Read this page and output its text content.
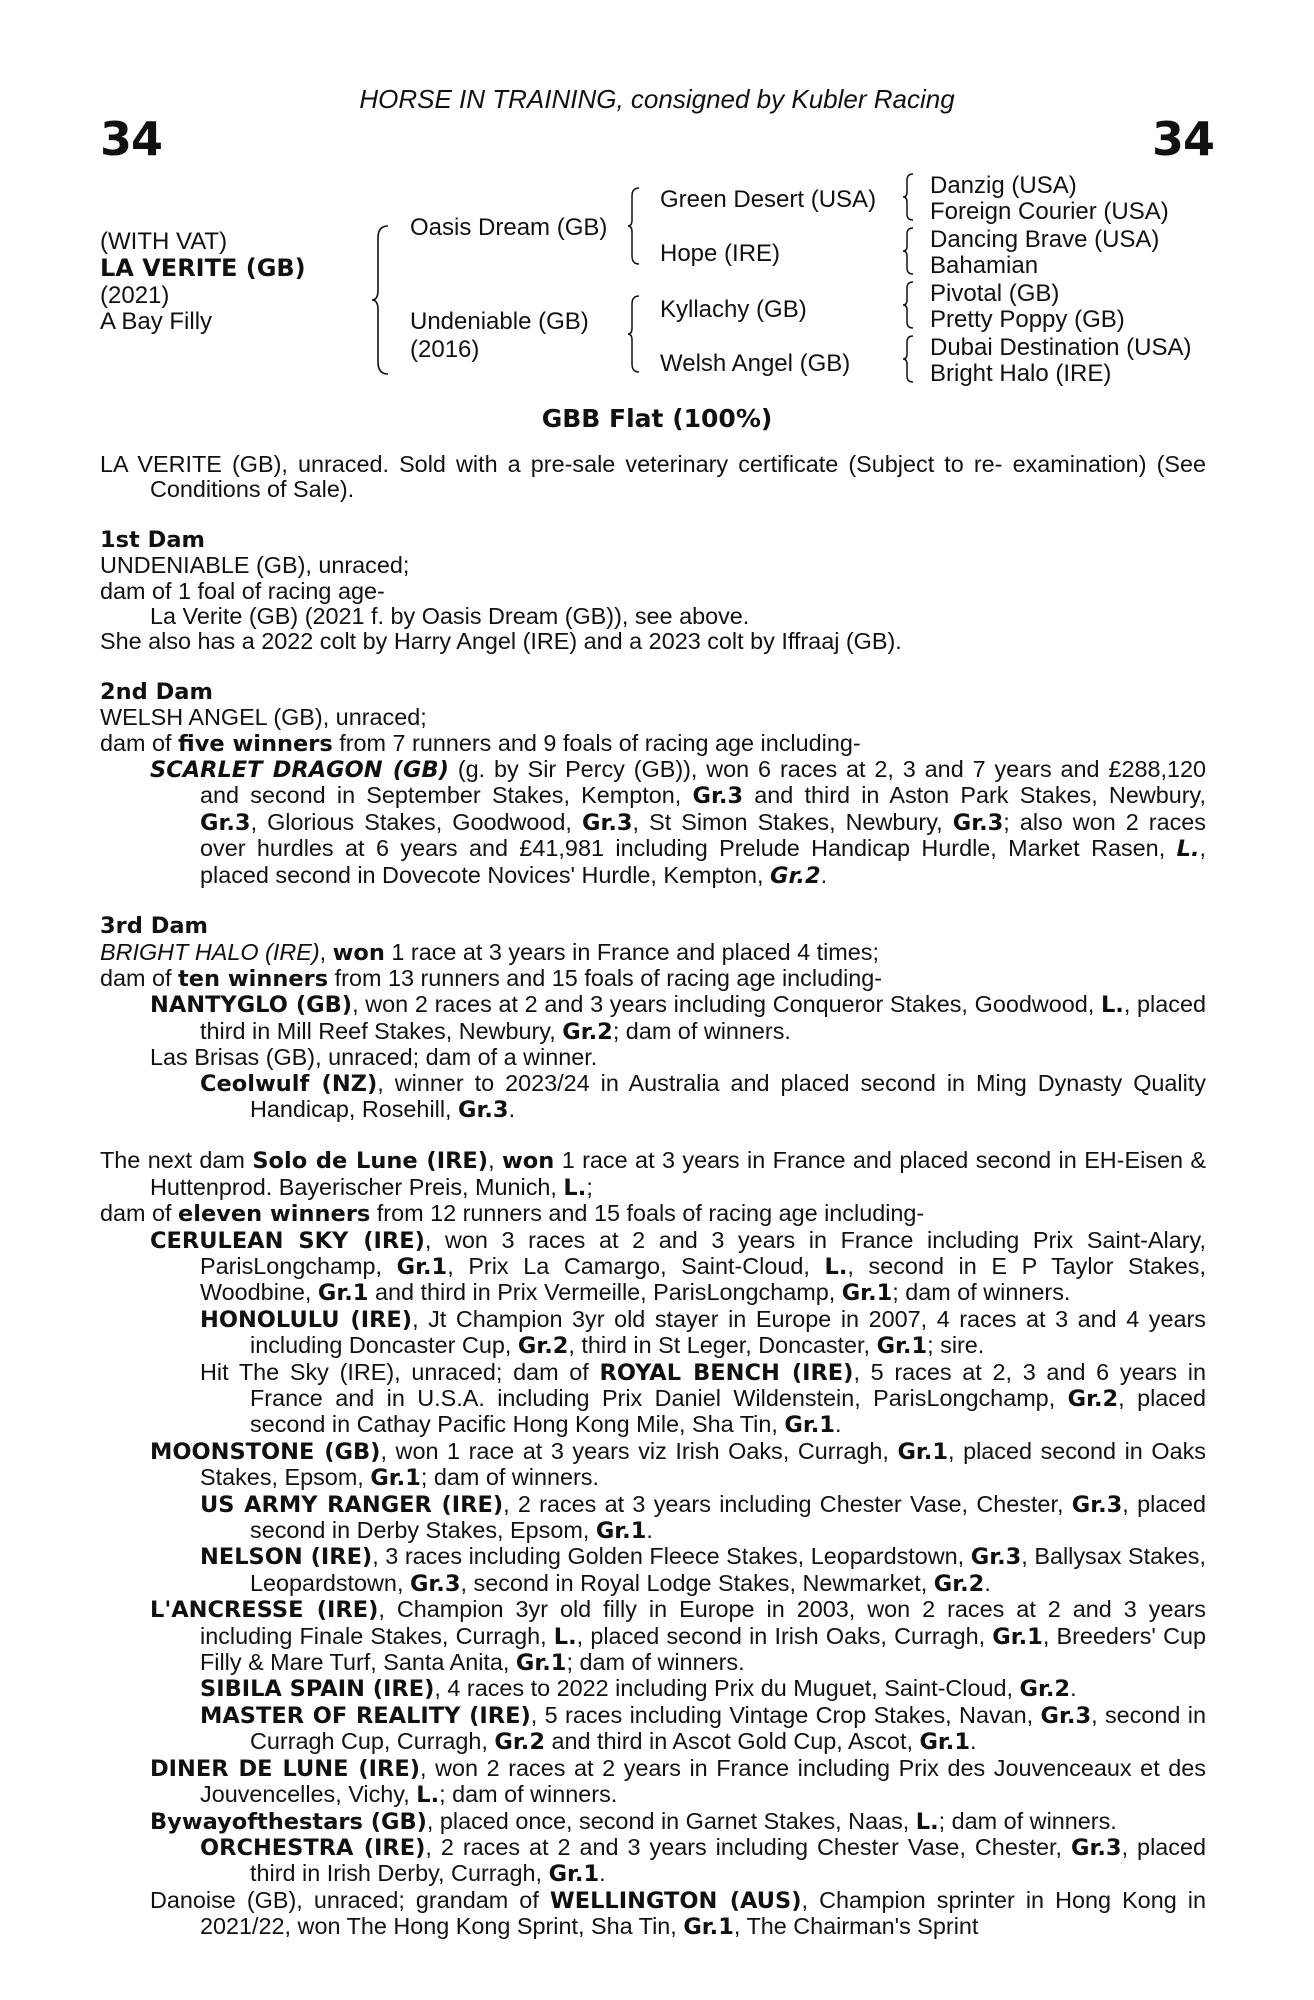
34	34
HORSE IN TRAINING, consigned by Kubler Racing
(WITH VAT)
LA VERITE (GB)
(2021)
A Bay Filly
Oasis Dream (GB)
Undeniable (GB)
(2016)
Green Desert (USA)
Hope (IRE)
Kyllachy (GB)
Welsh Angel (GB)
Danzig (USA)
Foreign Courier (USA)
Dancing Brave (USA)
Bahamian
Pivotal (GB)
Pretty Poppy (GB)
Dubai Destination (USA)
Bright Halo (IRE)
GBB Flat (100%)

LA VERITE (GB), unraced. Sold with a pre-sale veterinary certificate (Subject to re- examination) (See Conditions of Sale).

1st Dam

UNDENIABLE (GB), unraced;

dam of 1 foal of racing age-

La Verite (GB) (2021 f. by Oasis Dream (GB)), see above.

She also has a 2022 colt by Harry Angel (IRE) and a 2023 colt by Iffraaj (GB).

2nd Dam

WELSH ANGEL (GB), unraced;

dam of five winners from 7 runners and 9 foals of racing age including-

SCARLET DRAGON (GB) (g. by Sir Percy (GB)), won 6 races at 2, 3 and 7 years and £288,120 and second in September Stakes, Kempton, Gr.3 and third in Aston Park Stakes, Newbury, Gr.3, Glorious Stakes, Goodwood, Gr.3, St Simon Stakes, Newbury, Gr.3; also won 2 races over hurdles at 6 years and £41,981 including Prelude Handicap Hurdle, Market Rasen, L., placed second in Dovecote Novices' Hurdle, Kempton, Gr.2.

3rd Dam

BRIGHT HALO (IRE), won 1 race at 3 years in France and placed 4 times;

dam of ten winners from 13 runners and 15 foals of racing age including-

NANTYGLO (GB), won 2 races at 2 and 3 years including Conqueror Stakes, Goodwood, L., placed third in Mill Reef Stakes, Newbury, Gr.2; dam of winners.

Las Brisas (GB), unraced; dam of a winner.

Ceolwulf (NZ), winner to 2023/24 in Australia and placed second in Ming Dynasty Quality Handicap, Rosehill, Gr.3.

The next dam Solo de Lune (IRE), won 1 race at 3 years in France and placed second in EH-Eisen & Huttenprod. Bayerischer Preis, Munich, L.;

dam of eleven winners from 12 runners and 15 foals of racing age including-

CERULEAN SKY (IRE), won 3 races at 2 and 3 years in France including Prix Saint-Alary, ParisLongchamp, Gr.1, Prix La Camargo, Saint-Cloud, L., second in E P Taylor Stakes, Woodbine, Gr.1 and third in Prix Vermeille, ParisLongchamp, Gr.1; dam of winners.

HONOLULU (IRE), Jt Champion 3yr old stayer in Europe in 2007, 4 races at 3 and 4 years including Doncaster Cup, Gr.2, third in St Leger, Doncaster, Gr.1; sire.

Hit The Sky (IRE), unraced; dam of ROYAL BENCH (IRE), 5 races at 2, 3 and 6 years in France and in U.S.A. including Prix Daniel Wildenstein, ParisLongchamp, Gr.2, placed second in Cathay Pacific Hong Kong Mile, Sha Tin, Gr.1.

MOONSTONE (GB), won 1 race at 3 years viz Irish Oaks, Curragh, Gr.1, placed second in Oaks Stakes, Epsom, Gr.1; dam of winners.

US ARMY RANGER (IRE), 2 races at 3 years including Chester Vase, Chester, Gr.3, placed second in Derby Stakes, Epsom, Gr.1.

NELSON (IRE), 3 races including Golden Fleece Stakes, Leopardstown, Gr.3, Ballysax Stakes, Leopardstown, Gr.3, second in Royal Lodge Stakes, Newmarket, Gr.2.

L'ANCRESSE (IRE), Champion 3yr old filly in Europe in 2003, won 2 races at 2 and 3 years including Finale Stakes, Curragh, L., placed second in Irish Oaks, Curragh, Gr.1, Breeders' Cup Filly & Mare Turf, Santa Anita, Gr.1; dam of winners.

SIBILA SPAIN (IRE), 4 races to 2022 including Prix du Muguet, Saint-Cloud, Gr.2.

MASTER OF REALITY (IRE), 5 races including Vintage Crop Stakes, Navan, Gr.3, second in Curragh Cup, Curragh, Gr.2 and third in Ascot Gold Cup, Ascot, Gr.1.

DINER DE LUNE (IRE), won 2 races at 2 years in France including Prix des Jouvenceaux et des Jouvencelles, Vichy, L.; dam of winners.

Bywayofthestars (GB), placed once, second in Garnet Stakes, Naas, L.; dam of winners.

ORCHESTRA (IRE), 2 races at 2 and 3 years including Chester Vase, Chester, Gr.3, placed third in Irish Derby, Curragh, Gr.1.

Danoise (GB), unraced; grandam of WELLINGTON (AUS), Champion sprinter in Hong Kong in 2021/22, won The Hong Kong Sprint, Sha Tin, Gr.1, The Chairman's Sprint
